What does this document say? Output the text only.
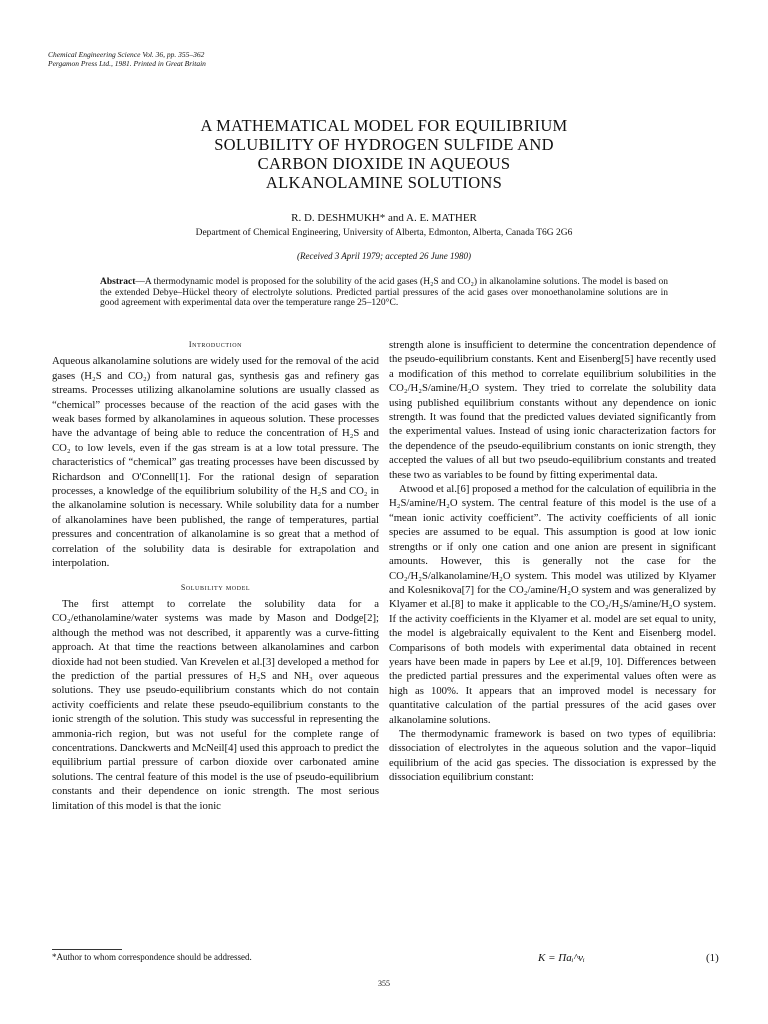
Chemical Engineering Science Vol. 36, pp. 355–362
Pergamon Press Ltd., 1981. Printed in Great Britain
A MATHEMATICAL MODEL FOR EQUILIBRIUM
SOLUBILITY OF HYDROGEN SULFIDE AND
CARBON DIOXIDE IN AQUEOUS
ALKANOLAMINE SOLUTIONS
R. D. DESHMUKH* and A. E. MATHER
Department of Chemical Engineering, University of Alberta, Edmonton, Alberta, Canada T6G 2G6
(Received 3 April 1979; accepted 26 June 1980)
Abstract—A thermodynamic model is proposed for the solubility of the acid gases (H₂S and CO₂) in alkanolamine solutions. The model is based on the extended Debye–Hückel theory of electrolyte solutions. Predicted partial pressures of the acid gases over monoethanolamine solutions are in good agreement with experimental data over the temperature range 25–120°C.
Introduction

Aqueous alkanolamine solutions are widely used for the removal of the acid gases (H₂S and CO₂) from natural gas, synthesis gas and refinery gas streams. Processes utilizing alkanolamine solutions are usually classed as “chemical” processes because of the reaction of the acid gases with the weak bases formed by alkanolamines in aqueous solution. These processes have the advantage of being able to reduce the concentration of H₂S and CO₂ to low levels, even if the gas stream is at a low total pressure. The characteristics of “chemical” gas treating processes have been discussed by Richardson and O'Connell[1]. For the rational design of separation processes, a knowledge of the equilibrium solubility of the H₂S and CO₂ in the alkanolamine solution is necessary. While solubility data for a number of alkanolamines have been published, the range of temperatures, partial pressures and concentration of alkanolamine is so great that a method of correlation of the solubility data is desirable for extrapolation and interpolation.

Solubility model

The first attempt to correlate the solubility data for a CO₂/ethanolamine/water systems was made by Mason and Dodge[2]; although the method was not described, it apparently was a curve-fitting approach. At that time the reactions between alkanolamines and carbon dioxide had not been studied. Van Krevelen et al.[3] developed a method for the prediction of the partial pressures of H₂S and NH₃ over aqueous solutions. They use pseudo-equilibrium constants which do not contain activity coefficients and relate these pseudo-equilibrium constants to the ionic strength of the solution. This study was successful in representing the ammonia-rich region, but was not useful for the complete range of concentrations. Danckwerts and McNeil[4] used this approach to predict the equilibrium partial pressure of carbon dioxide over carbonated amine solutions. The central feature of this model is the use of pseudo-equilibrium constants and their dependence on ionic strength. The most serious limitation of this model is that the ionic

strength alone is insufficient to determine the concentration dependence of the pseudo-equilibrium constants. Kent and Eisenberg[5] have recently used a modification of this method to correlate equilibrium solubilities in the CO₂/H₂S/amine/H₂O system. They tried to correlate the solubility data using published equilibrium constants without any dependence on ionic strength. It was found that the predicted values deviated significantly from the experimental values. Instead of using ionic characterization factors for the dependence of the pseudo-equilibrium constants on ionic strength, they accepted the values of all but two pseudo-equilibrium constants and treated these two as variables to be found by fitting experimental data.

Atwood et al.[6] proposed a method for the calculation of equilibria in the H₂S/amine/H₂O system. The central feature of this model is the use of a “mean ionic activity coefficient”. The activity coefficients of all ionic species are assumed to be equal. This assumption is good at low ionic strengths or if only one cation and one anion are present in significant amounts. However, this is generally not the case for the CO₂/H₂S/alkanolamine/H₂O system. This model was utilized by Klyamer and Kolesnikova[7] for the CO₂/amine/H₂O system and was generalized by Klyamer et al.[8] to make it applicable to the CO₂/H₂S/amine/H₂O system. If the activity coefficients in the Klyamer et al. model are set equal to unity, the model is algebraically equivalent to the Kent and Eisenberg model. Comparisons of both models with experimental data obtained in recent years have been made in papers by Lee et al.[9, 10]. Differences between the predicted partial pressures and the experimental values often were as high as 100%. It appears that an improved model is necessary for quantitative calculation of the partial pressures of the acid gases over alkanolamine solutions.

The thermodynamic framework is based on two types of equilibria: dissociation of electrolytes in the aqueous solution and the vapor–liquid equilibrium of the acid gas species. The dissociation is expressed by the dissociation equilibrium constant:

*Author to whom correspondence should be addressed.	K = Πaᵢ^νᵢ	(1)
355
